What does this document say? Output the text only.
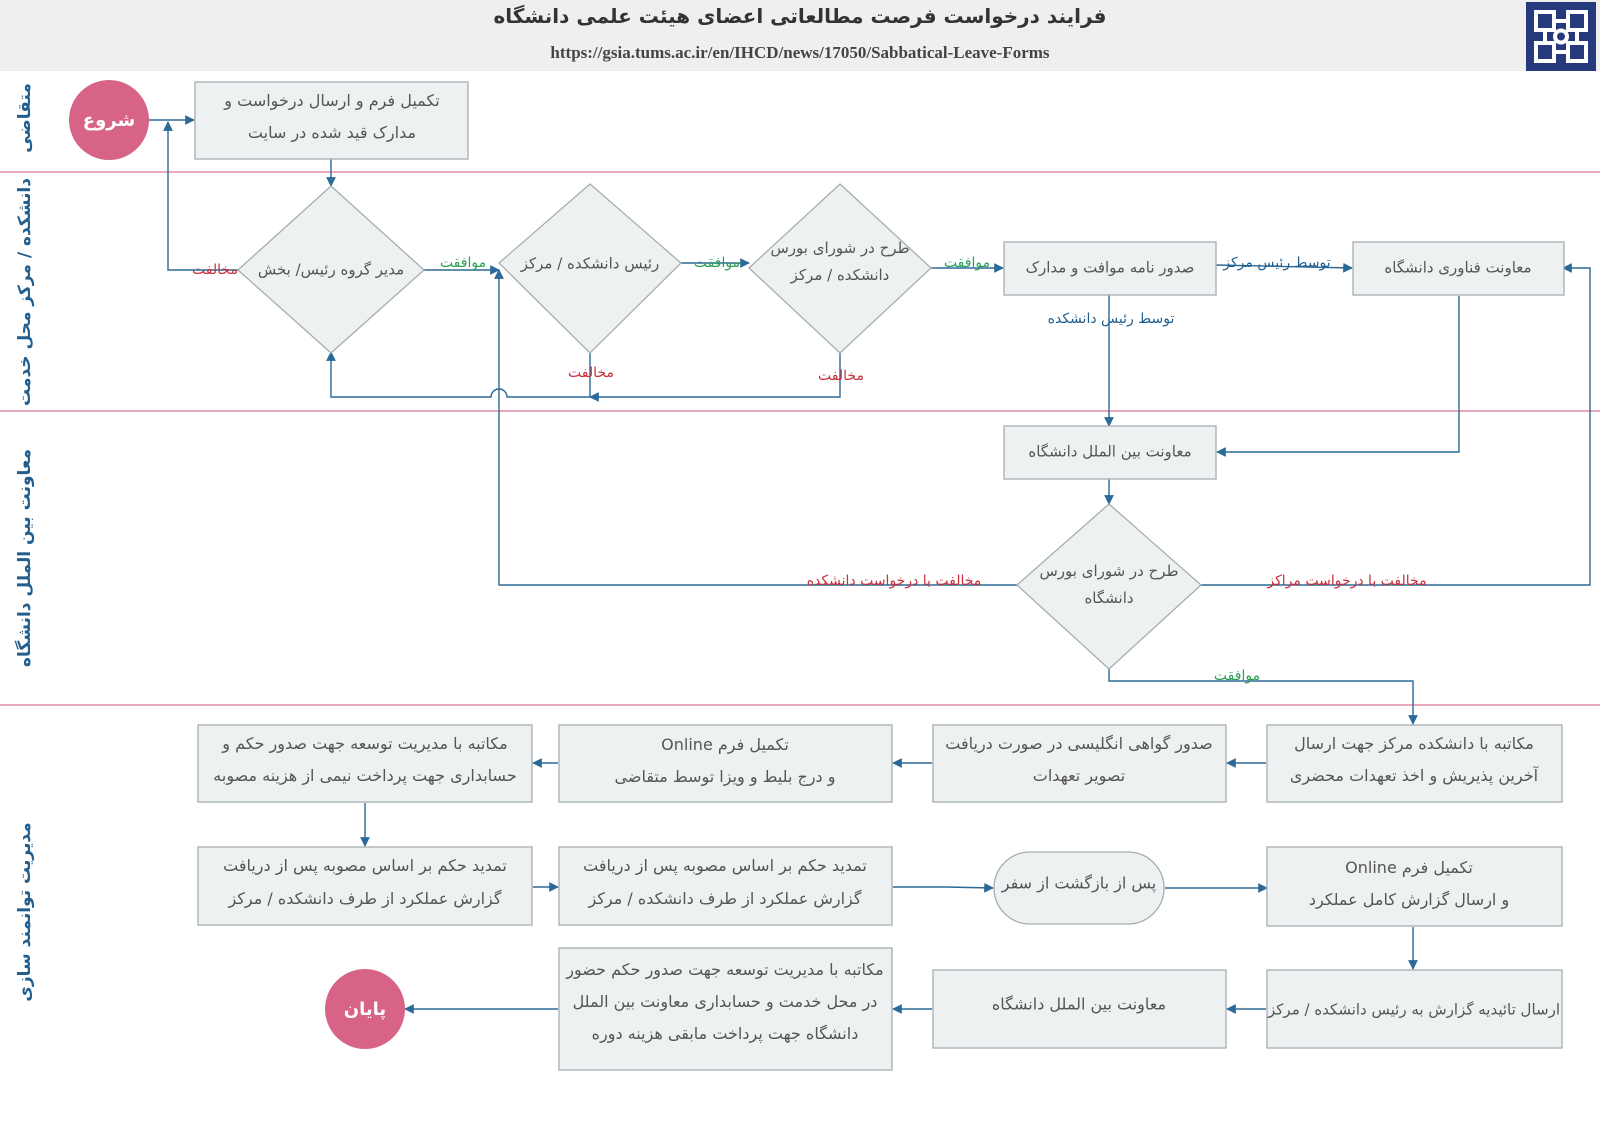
فرایند درخواست فرصت مطالعاتی اعضای هیئت علمی دانشگاه
https://gsia.tums.ac.ir/en/IHCD/news/17050/Sabbatical-Leave-Forms
متقاضی
دانشکده / مرکز محل خدمت
معاونت بین الملل دانشگاه
مدیریت توانمند سازی
شروع
تکمیل فرم و ارسال درخواست و
مدارک قید شده در سایت
مدیر گروه رئیس/ بخش	رئیس دانشکده / مرکز
طرح در شورای بورس
دانشکده / مرکز	صدور نامه موافت و مدارک	معاونت فناوری دانشگاه
معاونت بین الملل دانشگاه
طرح در شورای بورس
دانشگاه
مکاتبه با دانشکده مرکز جهت ارسال
آخرین پذیریش و اخذ تعهدات محضری
صدور گواهی انگلیسی در صورت دریافت
تصویر تعهدات
تکمیل فرم Online
و درج بلیط و ویزا توسط متقاضی
مکاتبه با مدیریت توسعه جهت صدور حکم و
حسابداری جهت پرداخت نیمی از هزینه مصوبه
تمدید حکم بر اساس مصوبه پس از دریافت
گزارش عملکرد از طرف دانشکده / مرکز
تمدید حکم بر اساس مصوبه پس از دریافت
گزارش عملکرد از طرف دانشکده / مرکز
پس از بازگشت از سفر
تکمیل فرم Online
و ارسال گزارش کامل عملکرد
ارسال تائیدیه گزارش به رئیس دانشکده / مرکز
معاونت بین الملل دانشگاه
مکاتبه با مدیریت توسعه جهت صدور حکم حضور
در محل خدمت و حسابداری معاونت بین الملل
دانشگاه جهت پرداخت مابقی هزینه دوره
پایان
مخالفت	موافقت	موافقت	موافقت	توسط رئیس مرکز
توسط رئیس دانشکده
مخالفت	مخالفت
مخالفت با درخواست دانشکده	مخالفت با درخواست مراکز
موافقت
